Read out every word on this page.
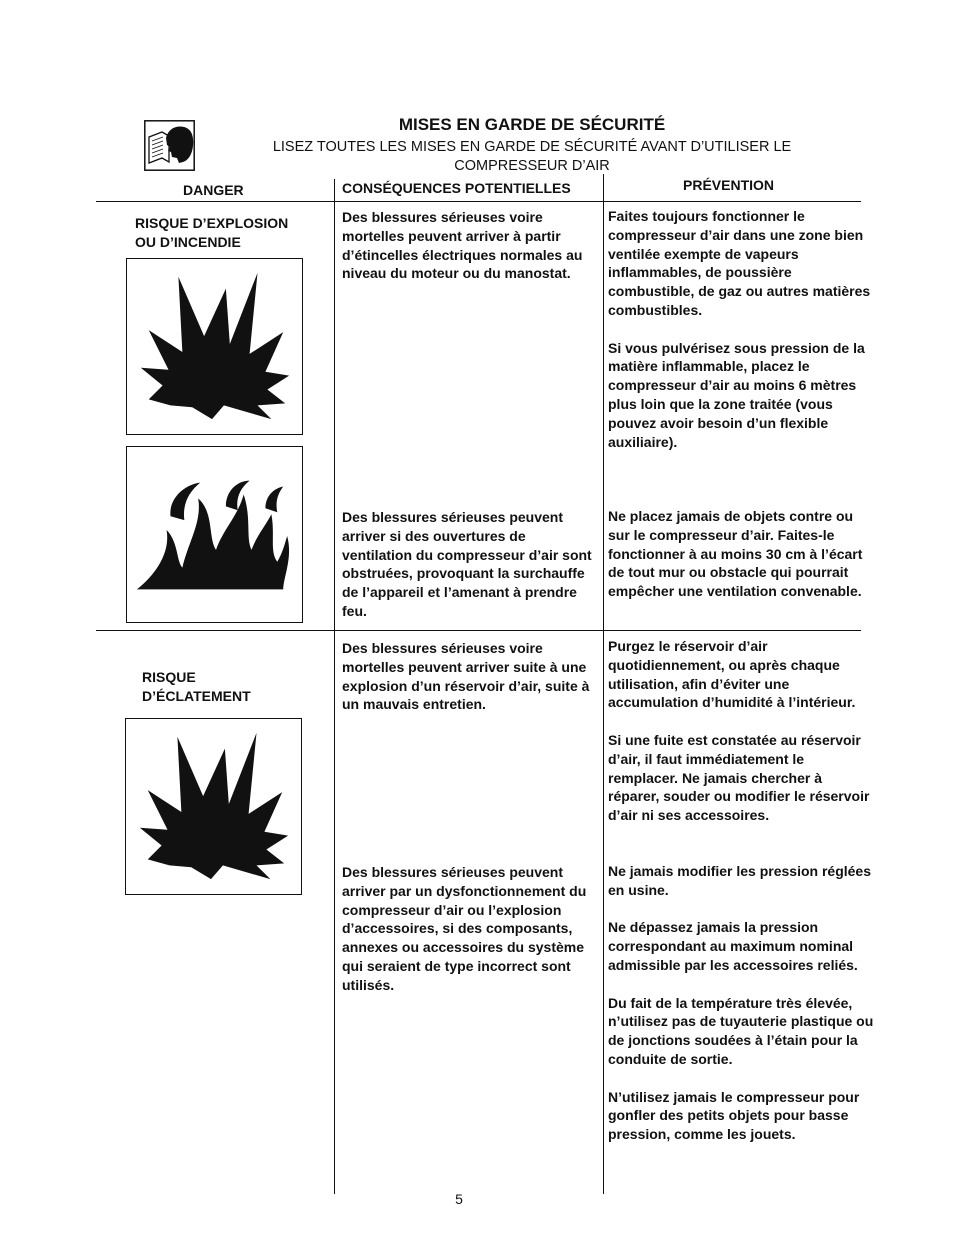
MISES EN GARDE DE SÉCURITÉ
LISEZ TOUTES LES MISES EN GARDE DE SÉCURITÉ AVANT D’UTILISER LE
COMPRESSEUR D’AIR
DANGER	CONSÉQUENCES POTENTIELLES	PRÉVENTION
RISQUE D’EXPLOSION
OU D’INCENDIE
Des blessures sérieuses voire mortelles peuvent arriver à partir d’étincelles électriques normales au niveau du moteur ou du manostat.

Faites toujours fonctionner le compresseur d’air dans une zone bien ventilée exempte de vapeurs inflammables, de poussière combustible, de gaz ou autres matières combustibles.

Si vous pulvérisez sous pression de la matière inflammable, placez le compresseur d’air au moins 6 mètres plus loin que la zone traitée (vous pouvez avoir besoin d’un flexible auxiliaire).

Des blessures sérieuses peuvent arriver si des ouvertures de ventilation du compresseur d’air sont obstruées, provoquant la surchauffe de l’appareil et l’amenant à prendre feu.
Ne placez jamais de objets contre ou sur le compresseur d’air. Faites-le fonctionner à au moins 30 cm à l’écart de tout mur ou obstacle qui pourrait empêcher une ventilation convenable.
RISQUE
D’ÉCLATEMENT
Des blessures sérieuses voire mortelles peuvent arriver suite à une explosion d’un réservoir d’air, suite à un mauvais entretien.

Purgez le réservoir d’air quotidiennement, ou après chaque utilisation, afin d’éviter une accumulation d’humidité à l’intérieur.

Si une fuite est constatée au réservoir d’air, il faut immédiatement le remplacer. Ne jamais chercher à réparer, souder ou modifier le réservoir d’air ni ses accessoires.

Des blessures sérieuses peuvent arriver par un dysfonctionnement du compresseur d’air ou l’explosion d’accessoires, si des composants, annexes ou accessoires du système qui seraient de type incorrect sont utilisés.

Ne jamais modifier les pression réglées en usine.

Ne dépassez jamais la pression correspondant au maximum nominal admissible par les accessoires reliés.

Du fait de la température très élevée, n’utilisez pas de tuyauterie plastique ou de jonctions soudées à l’étain pour la conduite de sortie.

N’utilisez jamais le compresseur pour gonfler des petits objets pour basse pression, comme les jouets.

5
